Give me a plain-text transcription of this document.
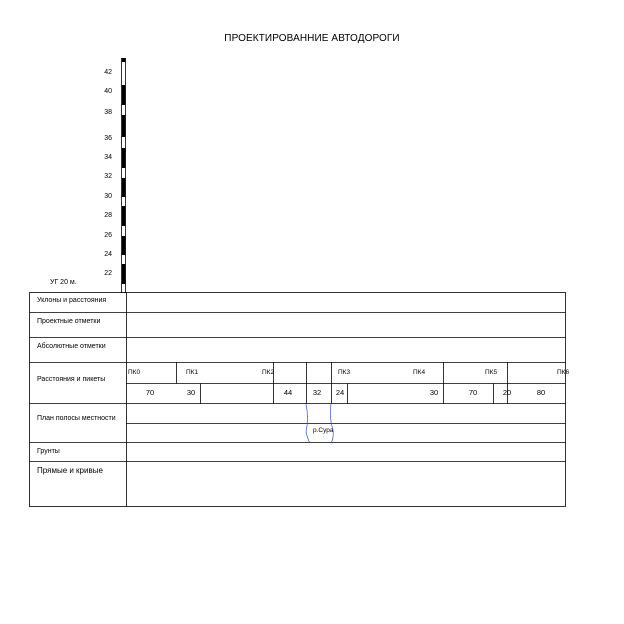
ПРОЕКТИРОВАННИЕ АВТОДОРОГИ
42
40
38
36
34
32
30
28
26
24
22
УГ 20 м.
Уклоны и расстояния
Проектные отметки
Абсолютные отметки
Расстояния и пикеты
План полосы местности
Грунты
Прямые и кривые
ПК0	ПК1	ПК2	ПК3	ПК4	ПК5	ПК6
70	30	44	32	24	30	70	20	80
р.Сура
